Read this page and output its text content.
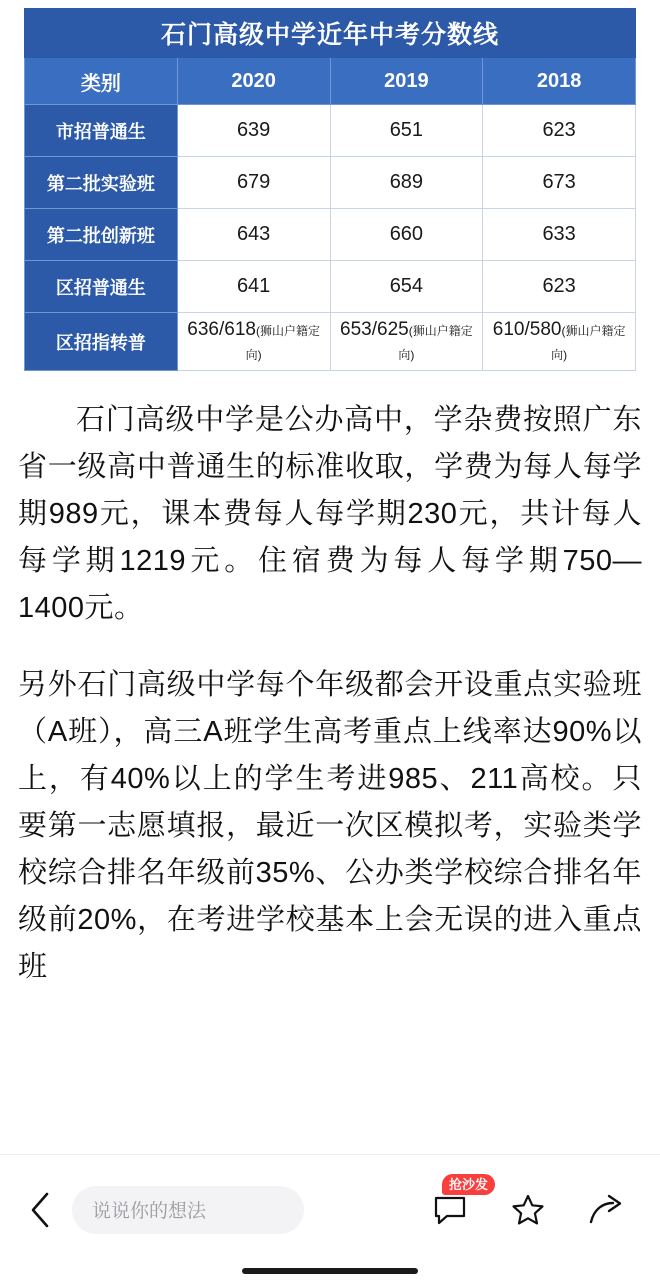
石门高级中学近年中考分数线			
类别	2020	2019	2018
市招普通生	639	651	623
第二批实验班	679	689	673
第二批创新班	643	660	633
区招普通生	641	654	623
区招指转普	636/618(狮山户籍定向)	653/625(狮山户籍定向)	610/580(狮山户籍定向)

石门高级中学是公办高中，学杂费按照广东省一级高中普通生的标准收取，学费为每人每学期989元，课本费每人每学期230元，共计每人每学期1219元。住宿费为每人每学期750—1400元。

另外石门高级中学每个年级都会开设重点实验班（A班），高三A班学生高考重点上线率达90%以上，有40%以上的学生考进985、211高校。只要第一志愿填报，最近一次区模拟考，实验类学校综合排名年级前35%、公办类学校综合排名年级前20%，在考进学校基本上会无误的进入重点班

说说你的想法
抢沙发
